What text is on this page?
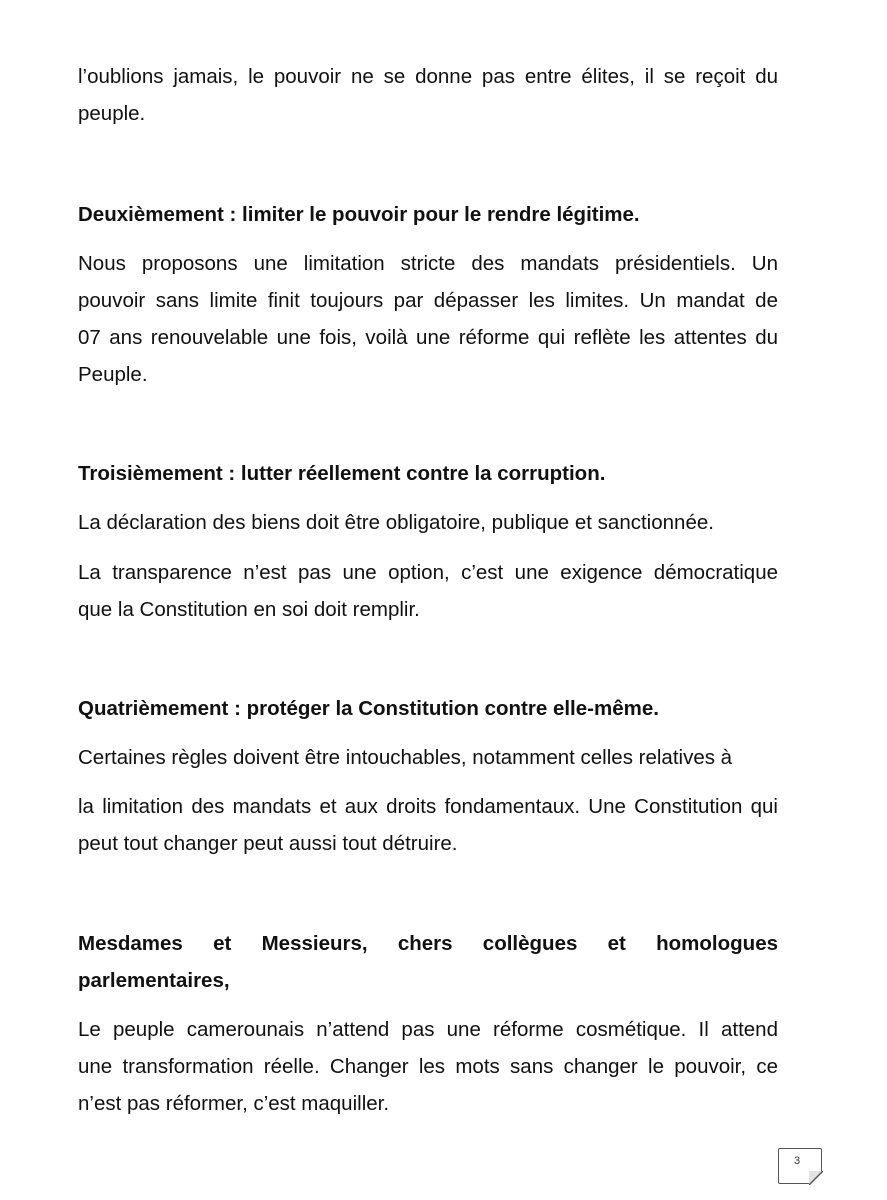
l’oublions jamais, le pouvoir ne se donne pas entre élites, il se reçoit du
peuple.

Deuxièmement : limiter le pouvoir pour le rendre légitime.

Nous proposons une limitation stricte des mandats présidentiels. Un
pouvoir sans limite finit toujours par dépasser les limites. Un mandat de
07 ans renouvelable une fois, voilà une réforme qui reflète les attentes du
Peuple.

Troisièmement : lutter réellement contre la corruption.

La déclaration des biens doit être obligatoire, publique et sanctionnée.

La transparence n’est pas une option, c’est une exigence démocratique
que la Constitution en soi doit remplir.

Quatrièmement : protéger la Constitution contre elle-même.

Certaines règles doivent être intouchables, notamment celles relatives à

la limitation des mandats et aux droits fondamentaux. Une Constitution qui
peut tout changer peut aussi tout détruire.

Mesdames et Messieurs, chers collègues et homologues
parlementaires,

Le peuple camerounais n’attend pas une réforme cosmétique. Il attend
une transformation réelle. Changer les mots sans changer le pouvoir, ce
n’est pas réformer, c’est maquiller.

3
